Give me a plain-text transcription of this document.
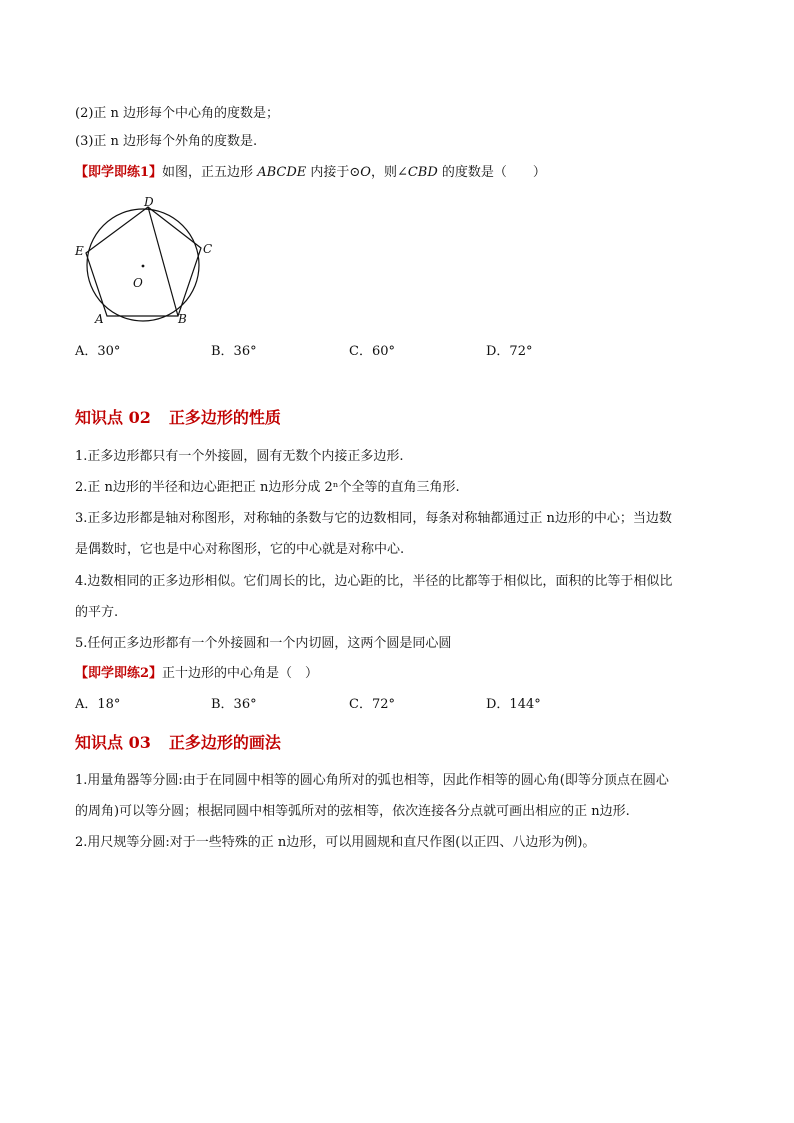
(2)正 n 边形每个中心角的度数是；
(3)正 n 边形每个外角的度数是.
【即学即练1】如图，正五边形 ABCDE 内接于⊙O，则∠CBD 的度数是（　　）
D
C
E
O
A	B
A．30°	B．36°	C．60°	D．72°
知识点 02 正多边形的性质
1.正多边形都只有一个外接圆，圆有无数个内接正多边形.
2.正 n边形的半径和边心距把正 n边形分成 2ⁿ个全等的直角三角形.
3.正多边形都是轴对称图形，对称轴的条数与它的边数相同，每条对称轴都通过正 n边形的中心；当边数
是偶数时，它也是中心对称图形，它的中心就是对称中心.
4.边数相同的正多边形相似。它们周长的比，边心距的比，半径的比都等于相似比，面积的比等于相似比
的平方.
5.任何正多边形都有一个外接圆和一个内切圆，这两个圆是同心圆
【即学即练2】正十边形的中心角是（　）
A．18°	B．36°	C．72°	D．144°
知识点 03 正多边形的画法
1.用量角器等分圆:由于在同圆中相等的圆心角所对的弧也相等，因此作相等的圆心角(即等分顶点在圆心
的周角)可以等分圆；根据同圆中相等弧所对的弦相等，依次连接各分点就可画出相应的正 n边形.
2.用尺规等分圆:对于一些特殊的正 n边形，可以用圆规和直尺作图(以正四、八边形为例)。
